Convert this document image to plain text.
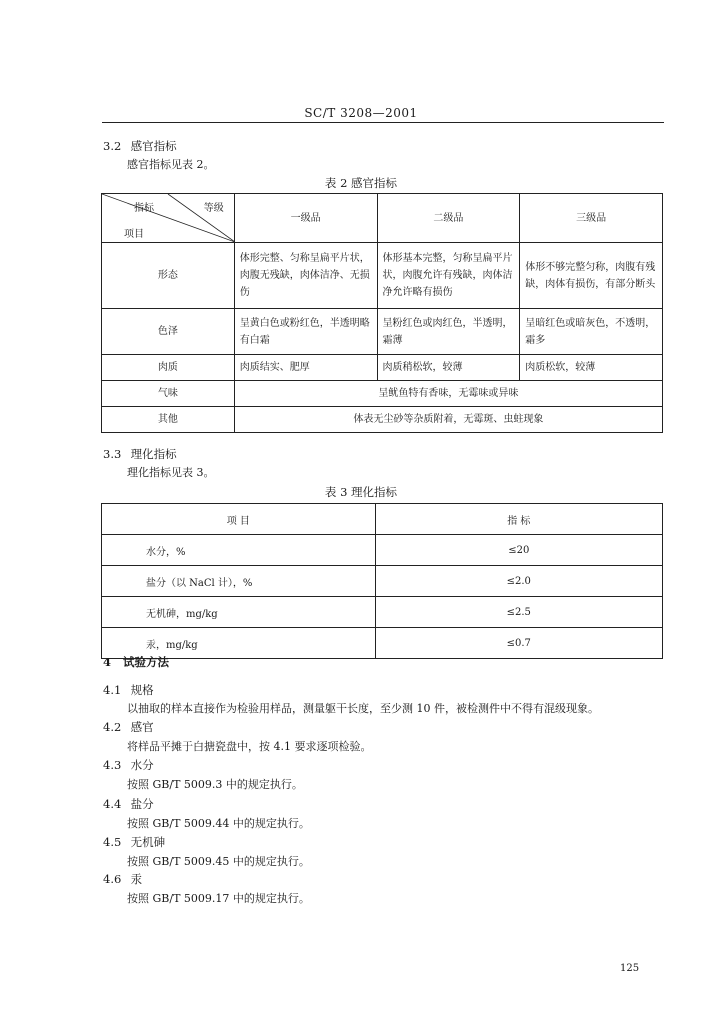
SC/T 3208—2001
3.2 感官指标
感官指标见表 2。
表 2 感官指标
指标 等级
项目	一级品	二级品	三级品
形态	体形完整、匀称呈扁平片状，肉腹无残缺，肉体洁净、无损伤	体形基本完整，匀称呈扁平片状，肉腹允许有残缺，肉体洁净允许略有损伤	体形不够完整匀称，肉腹有残缺，肉体有损伤，有部分断头
色泽	呈黄白色或粉红色，半透明略有白霜	呈粉红色或肉红色，半透明，霜薄	呈暗红色或暗灰色，不透明，霜多
肉质	肉质结实、肥厚	肉质稍松软，较薄	肉质松软，较薄
气味	呈鱿鱼特有香味，无霉味或异味		
其他	体表无尘砂等杂质附着，无霉斑、虫蛀现象		
3.3 理化指标
理化指标见表 3。
表 3 理化指标
项 目	指 标
水分，%	≤20
盐分（以 NaCl 计），%	≤2.0
无机砷，mg/kg	≤2.5
汞，mg/kg	≤0.7
4 试验方法
4.1 规格
以抽取的样本直接作为检验用样品，测量躯干长度，至少测 10 件，被检测件中不得有混级现象。
4.2 感官
将样品平摊于白搪瓷盘中，按 4.1 要求逐项检验。
4.3 水分
按照 GB/T 5009.3 中的规定执行。
4.4 盐分
按照 GB/T 5009.44 中的规定执行。
4.5 无机砷
按照 GB/T 5009.45 中的规定执行。
4.6 汞
按照 GB/T 5009.17 中的规定执行。
125
